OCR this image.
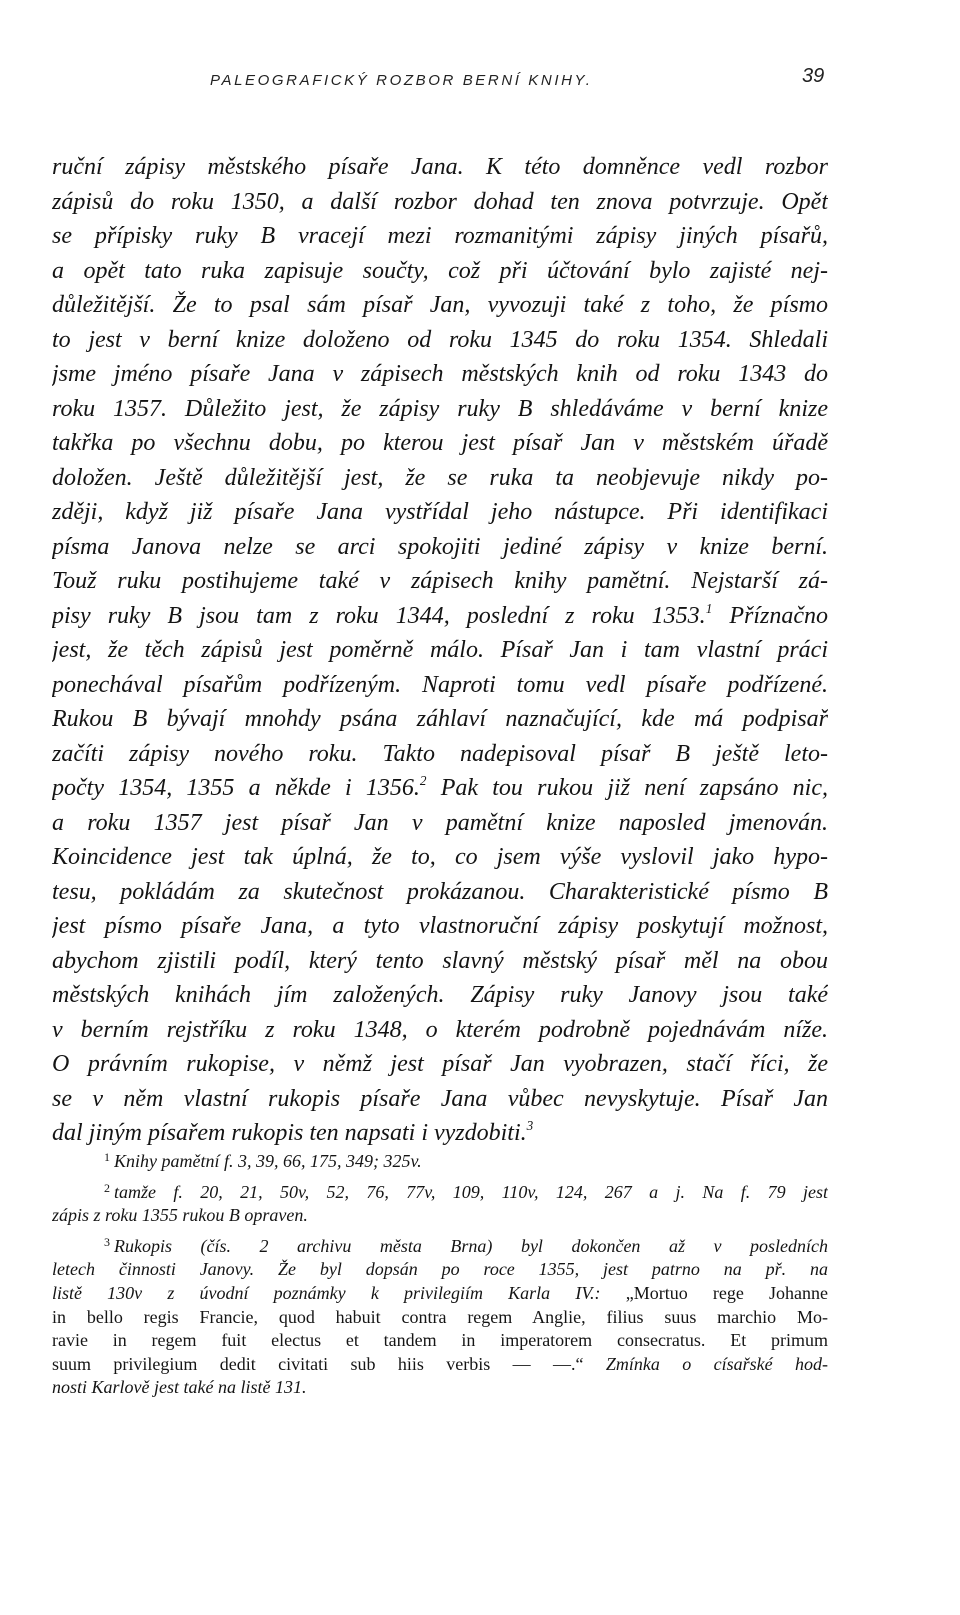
PALEOGRAFICKÝ ROZBOR BERNÍ KNIHY.	39
ruční zápisy městského písaře Jana. K této domněnce vedl rozbor
zápisů do roku 1350, a další rozbor dohad ten znova potvrzuje. Opět
se přípisky ruky B vracejí mezi rozmanitými zápisy jiných písařů,
a opět tato ruka zapisuje součty, což při účtování bylo zajisté nej-
důležitější. Že to psal sám písař Jan, vyvozuji také z toho, že písmo
to jest v berní knize doloženo od roku 1345 do roku 1354. Shledali
jsme jméno písaře Jana v zápisech městských knih od roku 1343 do
roku 1357. Důležito jest, že zápisy ruky B shledáváme v berní knize
takřka po všechnu dobu, po kterou jest písař Jan v městském úřadě
doložen. Ještě důležitější jest, že se ruka ta neobjevuje nikdy po-
zději, když již písaře Jana vystřídal jeho nástupce. Při identifikaci
písma Janova nelze se arci spokojiti jediné zápisy v knize berní.
Touž ruku postihujeme také v zápisech knihy pamětní. Nejstarší zá-
pisy ruky B jsou tam z roku 1344, poslední z roku 1353.$^1$ Příznačno
jest, že těch zápisů jest poměrně málo. Písař Jan i tam vlastní práci
ponechával písařům podřízeným. Naproti tomu vedl písaře podřízené.
Rukou B bývají mnohdy psána záhlaví naznačující, kde má podpisař
začíti zápisy nového roku. Takto nadepisoval písař B ještě leto-
počty 1354, 1355 a někde i 1356.$^2$ Pak tou rukou již není zapsáno nic,
a roku 1357 jest písař Jan v pamětní knize naposled jmenován.
Koincidence jest tak úplná, že to, co jsem výše vyslovil jako hypo-
tesu, pokládám za skutečnost prokázanou. Charakteristické písmo B
jest písmo písaře Jana, a tyto vlastnoruční zápisy poskytují možnost,
abychom zjistili podíl, který tento slavný městský písař měl na obou
městských knihách jím založených. Zápisy ruky Janovy jsou také
v berním rejstříku z roku 1348, o kterém podrobně pojednávám níže.
O právním rukopise, v němž jest písař Jan vyobrazen, stačí říci, že
se v něm vlastní rukopis písaře Jana vůbec nevyskytuje. Písař Jan
dal jiným písařem rukopis ten napsati i vyzdobiti.$^3$
1 Knihy pamětní f. 3, 39, 66, 175, 349; 325v.
2 tamže f. 20, 21, 50v, 52, 76, 77v, 109, 110v, 124, 267 a j. Na f. 79 jest
zápis z roku 1355 rukou B opraven.
3 Rukopis (čís. 2 archivu města Brna) byl dokončen až v posledních
letech činnosti Janovy. Že byl dopsán po roce 1355, jest patrno na př. na
listě 130v z úvodní poznámky k privilegiím Karla IV.: „Mortuo rege Johanne
in bello regis Francie, quod habuit contra regem Anglie, filius suus marchio Mo-
ravie in regem fuit electus et tandem in imperatorem consecratus. Et primum
suum privilegium dedit civitati sub hiis verbis — —.“ Zmínka o císařské hod-
nosti Karlově jest také na listě 131.
